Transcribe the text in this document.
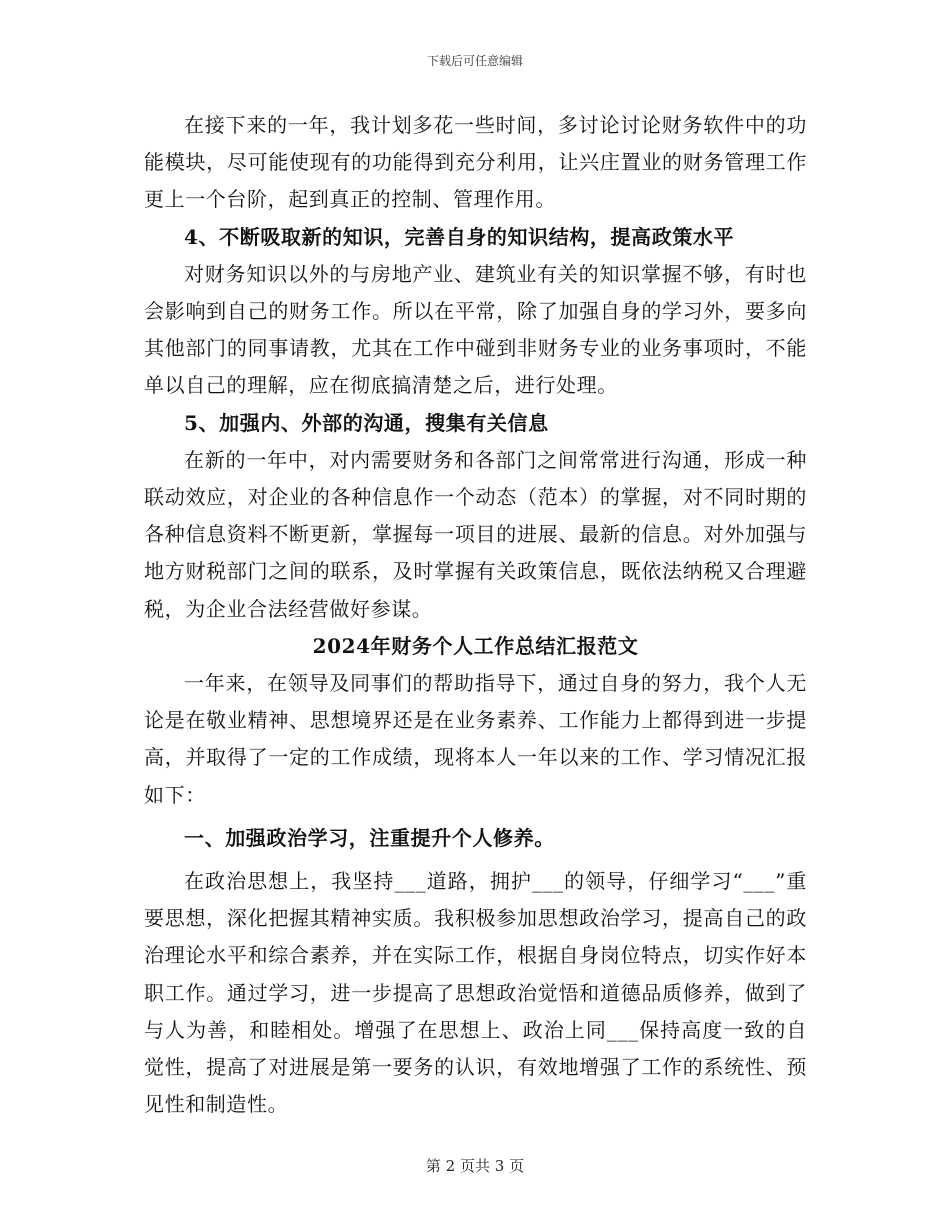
下载后可任意编辑

在接下来的一年，我计划多花一些时间，多讨论讨论财务软件中的功能模块，尽可能使现有的功能得到充分利用，让兴庄置业的财务管理工作更上一个台阶，起到真正的控制、管理作用。

4、不断吸取新的知识，完善自身的知识结构，提高政策水平

对财务知识以外的与房地产业、建筑业有关的知识掌握不够，有时也会影响到自己的财务工作。所以在平常，除了加强自身的学习外，要多向其他部门的同事请教，尤其在工作中碰到非财务专业的业务事项时，不能单以自己的理解，应在彻底搞清楚之后，进行处理。

5、加强内、外部的沟通，搜集有关信息

在新的一年中，对内需要财务和各部门之间常常进行沟通，形成一种联动效应，对企业的各种信息作一个动态（范本）的掌握，对不同时期的各种信息资料不断更新，掌握每一项目的进展、最新的信息。对外加强与地方财税部门之间的联系，及时掌握有关政策信息，既依法纳税又合理避税，为企业合法经营做好参谋。

2024年财务个人工作总结汇报范文

一年来，在领导及同事们的帮助指导下，通过自身的努力，我个人无论是在敬业精神、思想境界还是在业务素养、工作能力上都得到进一步提高，并取得了一定的工作成绩，现将本人一年以来的工作、学习情况汇报如下：

一、加强政治学习，注重提升个人修养。

在政治思想上，我坚持___道路，拥护___的领导，仔细学习“___”重要思想，深化把握其精神实质。我积极参加思想政治学习，提高自己的政治理论水平和综合素养，并在实际工作，根据自身岗位特点，切实作好本职工作。通过学习，进一步提高了思想政治觉悟和道德品质修养，做到了与人为善，和睦相处。增强了在思想上、政治上同___保持高度一致的自觉性，提高了对进展是第一要务的认识，有效地增强了工作的系统性、预见性和制造性。

第 2 页共 3 页
